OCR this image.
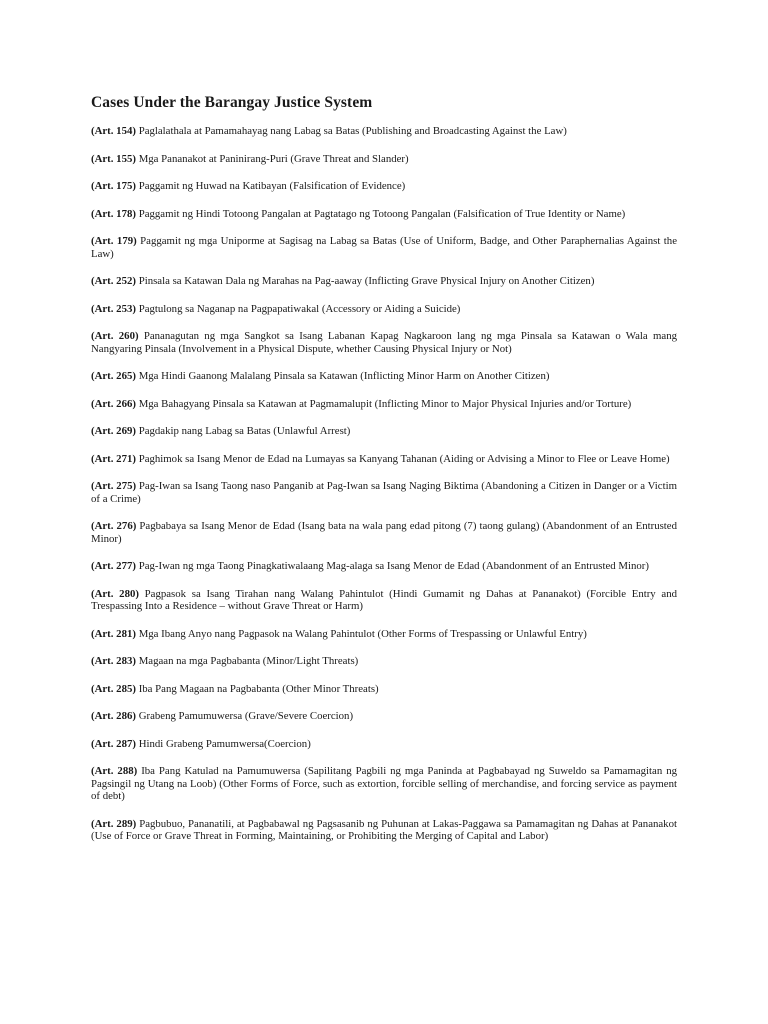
Cases Under the Barangay Justice System

(Art. 154) Paglalathala at Pamamahayag nang Labag sa Batas (Publishing and Broadcasting Against the Law)

(Art. 155) Mga Pananakot at Paninirang-Puri (Grave Threat and Slander)

(Art. 175) Paggamit ng Huwad na Katibayan (Falsification of Evidence)

(Art. 178) Paggamit ng Hindi Totoong Pangalan at Pagtatago ng Totoong Pangalan (Falsification of True Identity or Name)

(Art. 179) Paggamit ng mga Uniporme at Sagisag na Labag sa Batas (Use of Uniform, Badge, and Other Paraphernalias Against the Law)

(Art. 252) Pinsala sa Katawan Dala ng Marahas na Pag-aaway (Inflicting Grave Physical Injury on Another Citizen)

(Art. 253) Pagtulong sa Naganap na Pagpapatiwakal (Accessory or Aiding a Suicide)

(Art. 260) Pananagutan ng mga Sangkot sa Isang Labanan Kapag Nagkaroon lang ng mga Pinsala sa Katawan o Wala mang Nangyaring Pinsala (Involvement in a Physical Dispute, whether Causing Physical Injury or Not)

(Art. 265) Mga Hindi Gaanong Malalang Pinsala sa Katawan (Inflicting Minor Harm on Another Citizen)

(Art. 266) Mga Bahagyang Pinsala sa Katawan at Pagmamalupit (Inflicting Minor to Major Physical Injuries and/or Torture)

(Art. 269) Pagdakip nang Labag sa Batas (Unlawful Arrest)

(Art. 271) Paghimok sa Isang Menor de Edad na Lumayas sa Kanyang Tahanan (Aiding or Advising a Minor to Flee or Leave Home)

(Art. 275) Pag-Iwan sa Isang Taong naso Panganib at Pag-Iwan sa Isang Naging Biktima (Abandoning a Citizen in Danger or a Victim of a Crime)

(Art. 276) Pagbabaya sa Isang Menor de Edad (Isang bata na wala pang edad pitong (7) taong gulang) (Abandonment of an Entrusted Minor)

(Art. 277) Pag-Iwan ng mga Taong Pinagkatiwalaang Mag-alaga sa Isang Menor de Edad (Abandonment of an Entrusted Minor)

(Art. 280) Pagpasok sa Isang Tirahan nang Walang Pahintulot (Hindi Gumamit ng Dahas at Pananakot) (Forcible Entry and Trespassing Into a Residence – without Grave Threat or Harm)

(Art. 281) Mga Ibang Anyo nang Pagpasok na Walang Pahintulot (Other Forms of Trespassing or Unlawful Entry)

(Art. 283) Magaan na mga Pagbabanta (Minor/Light Threats)

(Art. 285) Iba Pang Magaan na Pagbabanta (Other Minor Threats)

(Art. 286) Grabeng Pamumuwersa (Grave/Severe Coercion)

(Art. 287) Hindi Grabeng Pamumwersa(Coercion)

(Art. 288) Iba Pang Katulad na Pamumuwersa (Sapilitang Pagbili ng mga Paninda at Pagbabayad ng Suweldo sa Pamamagitan ng Pagsingil ng Utang na Loob) (Other Forms of Force, such as extortion, forcible selling of merchandise, and forcing service as payment of debt)

(Art. 289) Pagbubuo, Pananatili, at Pagbabawal ng Pagsasanib ng Puhunan at Lakas-Paggawa sa Pamamagitan ng Dahas at Pananakot (Use of Force or Grave Threat in Forming, Maintaining, or Prohibiting the Merging of Capital and Labor)
